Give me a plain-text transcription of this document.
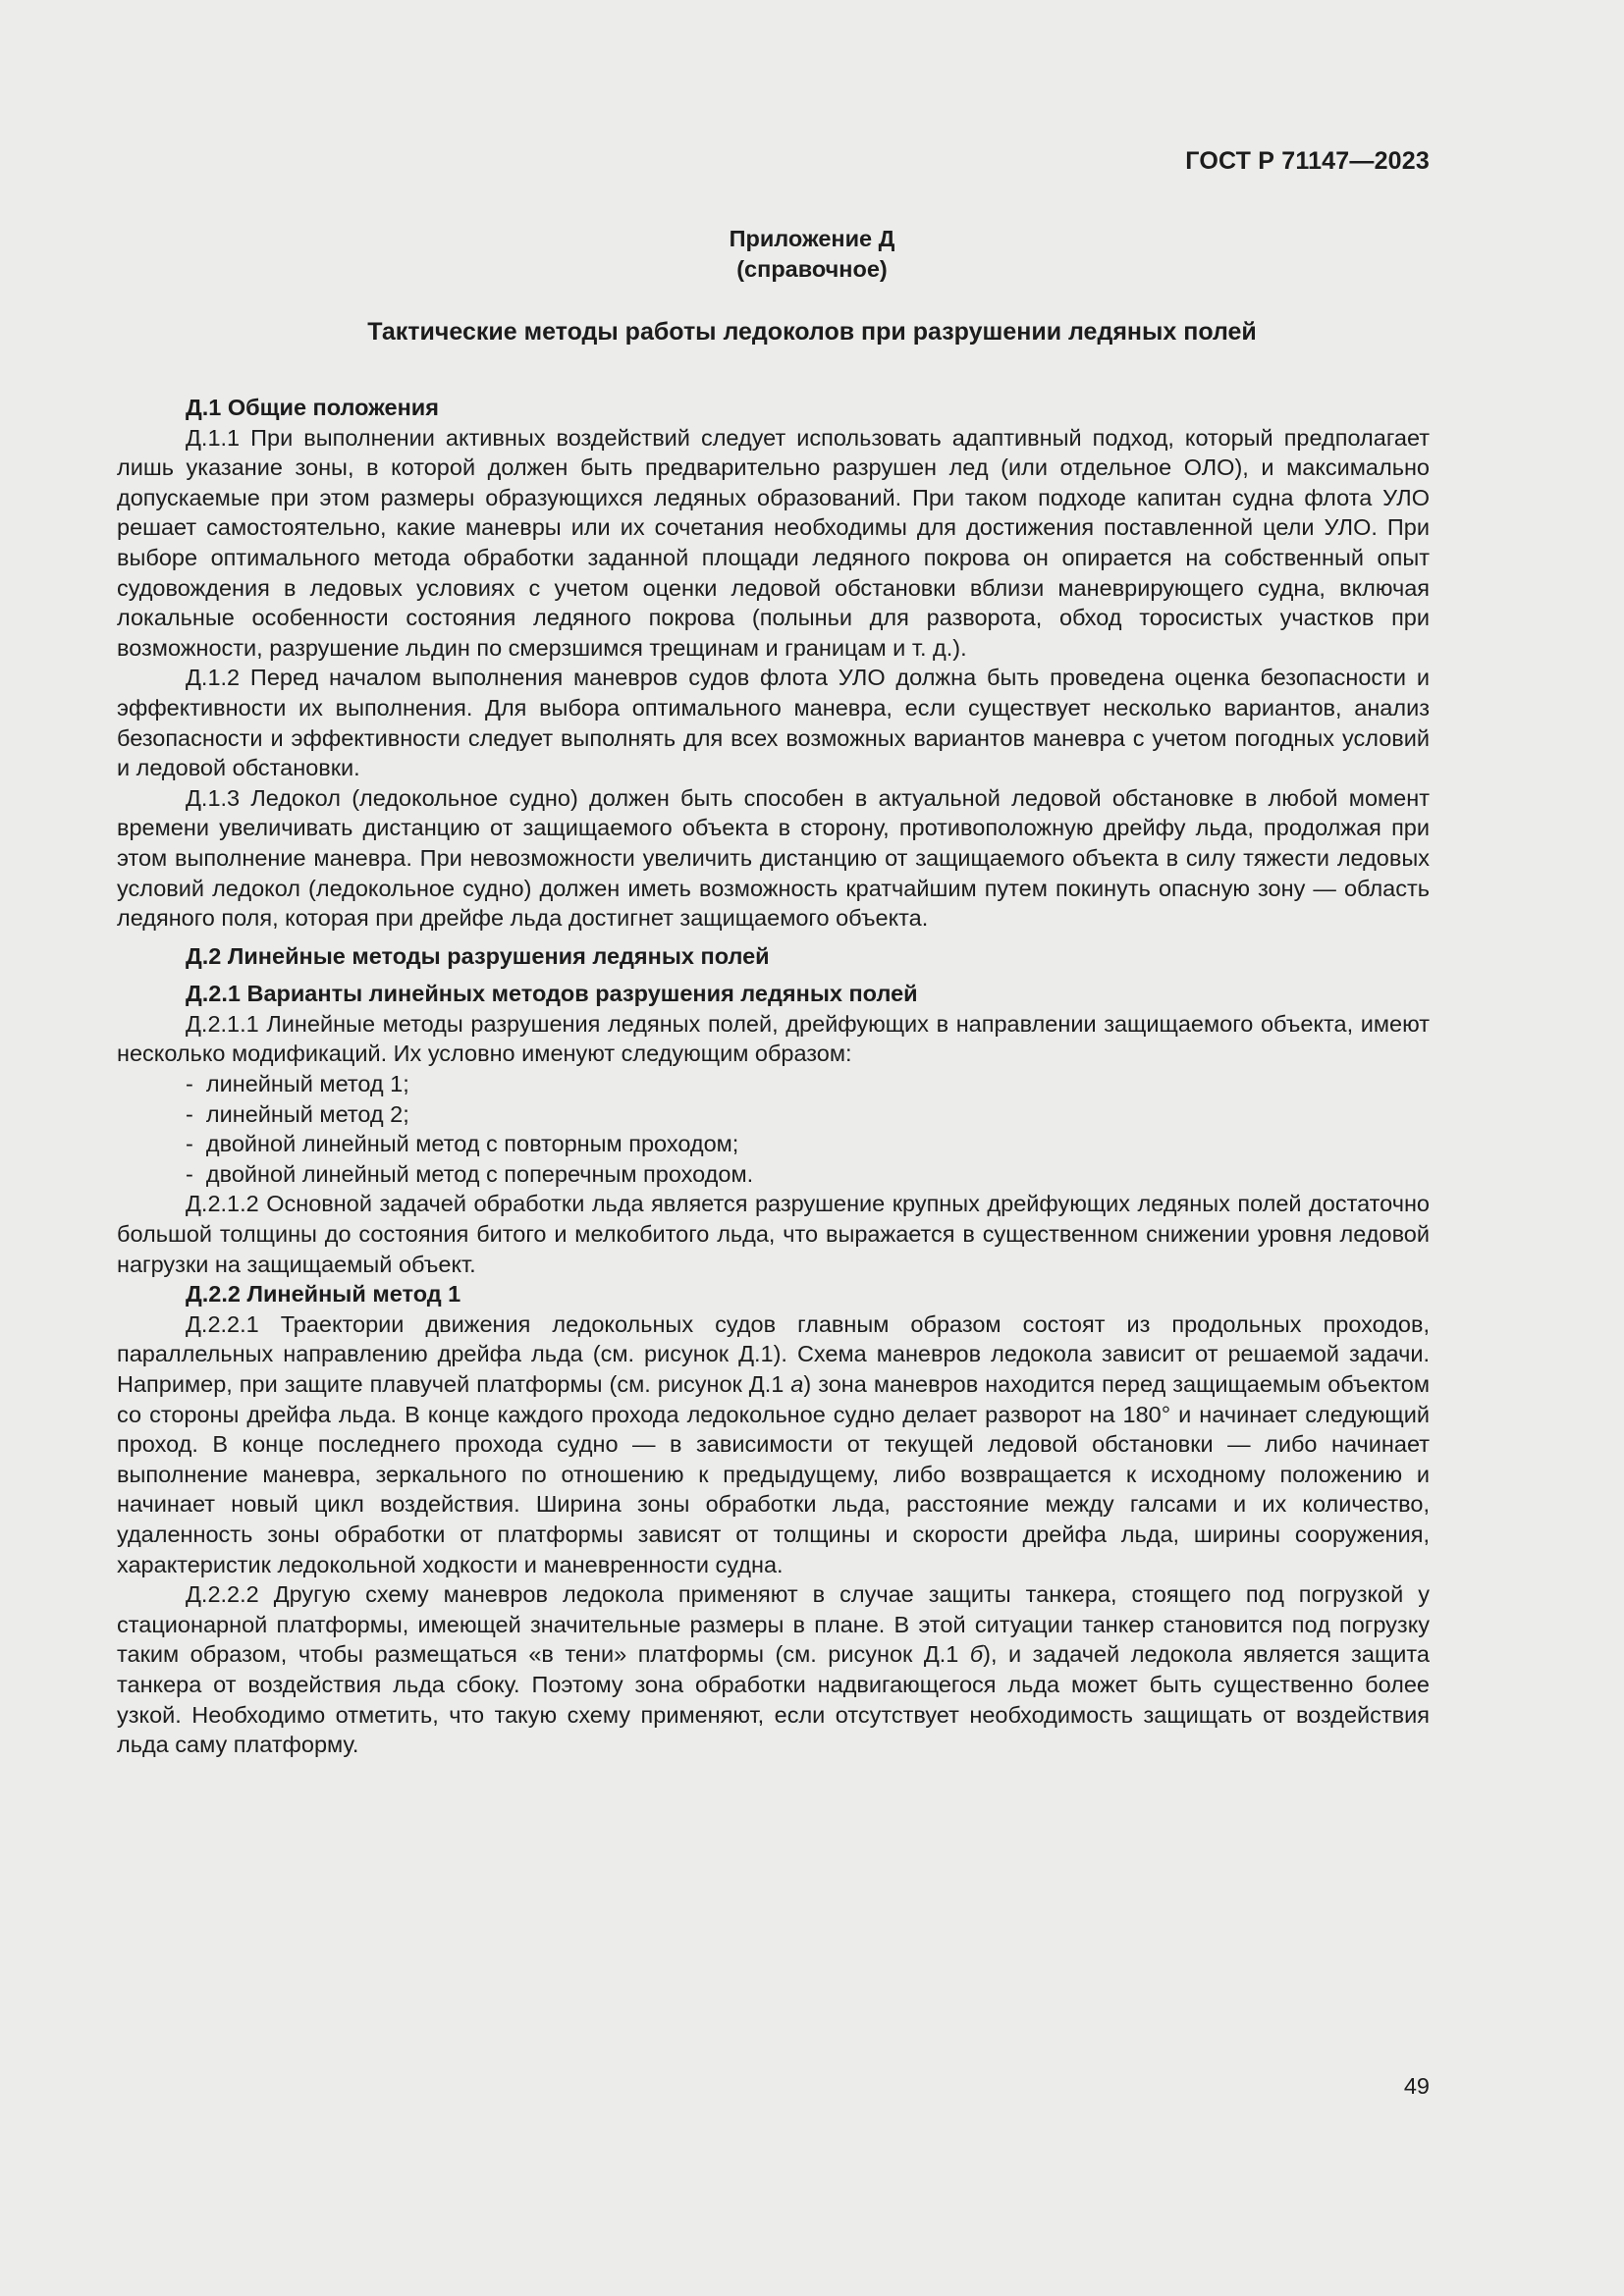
ГОСТ Р 71147—2023
Приложение Д
(справочное)
Тактические методы работы ледоколов при разрушении ледяных полей
Д.1 Общие положения

Д.1.1 При выполнении активных воздействий следует использовать адаптивный подход, который предполагает лишь указание зоны, в которой должен быть предварительно разрушен лед (или отдельное ОЛО), и максимально допускаемые при этом размеры образующихся ледяных образований. При таком подходе капитан судна флота УЛО решает самостоятельно, какие маневры или их сочетания необходимы для достижения поставленной цели УЛО. При выборе оптимального метода обработки заданной площади ледяного покрова он опирается на собственный опыт судовождения в ледовых условиях с учетом оценки ледовой обстановки вблизи маневрирующего судна, включая локальные особенности состояния ледяного покрова (полыньи для разворота, обход торосистых участков при возможности, разрушение льдин по смерзшимся трещинам и границам и т. д.).

Д.1.2 Перед началом выполнения маневров судов флота УЛО должна быть проведена оценка безопасности и эффективности их выполнения. Для выбора оптимального маневра, если существует несколько вариантов, анализ безопасности и эффективности следует выполнять для всех возможных вариантов маневра с учетом погодных условий и ледовой обстановки.

Д.1.3 Ледокол (ледокольное судно) должен быть способен в актуальной ледовой обстановке в любой момент времени увеличивать дистанцию от защищаемого объекта в сторону, противоположную дрейфу льда, продолжая при этом выполнение маневра. При невозможности увеличить дистанцию от защищаемого объекта в силу тяжести ледовых условий ледокол (ледокольное судно) должен иметь возможность кратчайшим путем покинуть опасную зону — область ледяного поля, которая при дрейфе льда достигнет защищаемого объекта.

Д.2 Линейные методы разрушения ледяных полей
Д.2.1 Варианты линейных методов разрушения ледяных полей

Д.2.1.1 Линейные методы разрушения ледяных полей, дрейфующих в направлении защищаемого объекта, имеют несколько модификаций. Их условно именуют следующим образом:

-  линейный метод 1;
-  линейный метод 2;
-  двойной линейный метод с повторным проходом;
-  двойной линейный метод с поперечным проходом.

Д.2.1.2 Основной задачей обработки льда является разрушение крупных дрейфующих ледяных полей достаточно большой толщины до состояния битого и мелкобитого льда, что выражается в существенном снижении уровня ледовой нагрузки на защищаемый объект.

Д.2.2 Линейный метод 1

Д.2.2.1 Траектории движения ледокольных судов главным образом состоят из продольных проходов, параллельных направлению дрейфа льда (см. рисунок Д.1). Схема маневров ледокола зависит от решаемой задачи. Например, при защите плавучей платформы (см. рисунок Д.1 а) зона маневров находится перед защищаемым объектом со стороны дрейфа льда. В конце каждого прохода ледокольное судно делает разворот на 180° и начинает следующий проход. В конце последнего прохода судно — в зависимости от текущей ледовой обстановки — либо начинает выполнение маневра, зеркального по отношению к предыдущему, либо возвращается к исходному положению и начинает новый цикл воздействия. Ширина зоны обработки льда, расстояние между галсами и их количество, удаленность зоны обработки от платформы зависят от толщины и скорости дрейфа льда, ширины сооружения, характеристик ледокольной ходкости и маневренности судна.

Д.2.2.2 Другую схему маневров ледокола применяют в случае защиты танкера, стоящего под погрузкой у стационарной платформы, имеющей значительные размеры в плане. В этой ситуации танкер становится под погрузку таким образом, чтобы размещаться «в тени» платформы (см. рисунок Д.1 б), и задачей ледокола является защита танкера от воздействия льда сбоку. Поэтому зона обработки надвигающегося льда может быть существенно более узкой. Необходимо отметить, что такую схему применяют, если отсутствует необходимость защищать от воздействия льда саму платформу.

49
